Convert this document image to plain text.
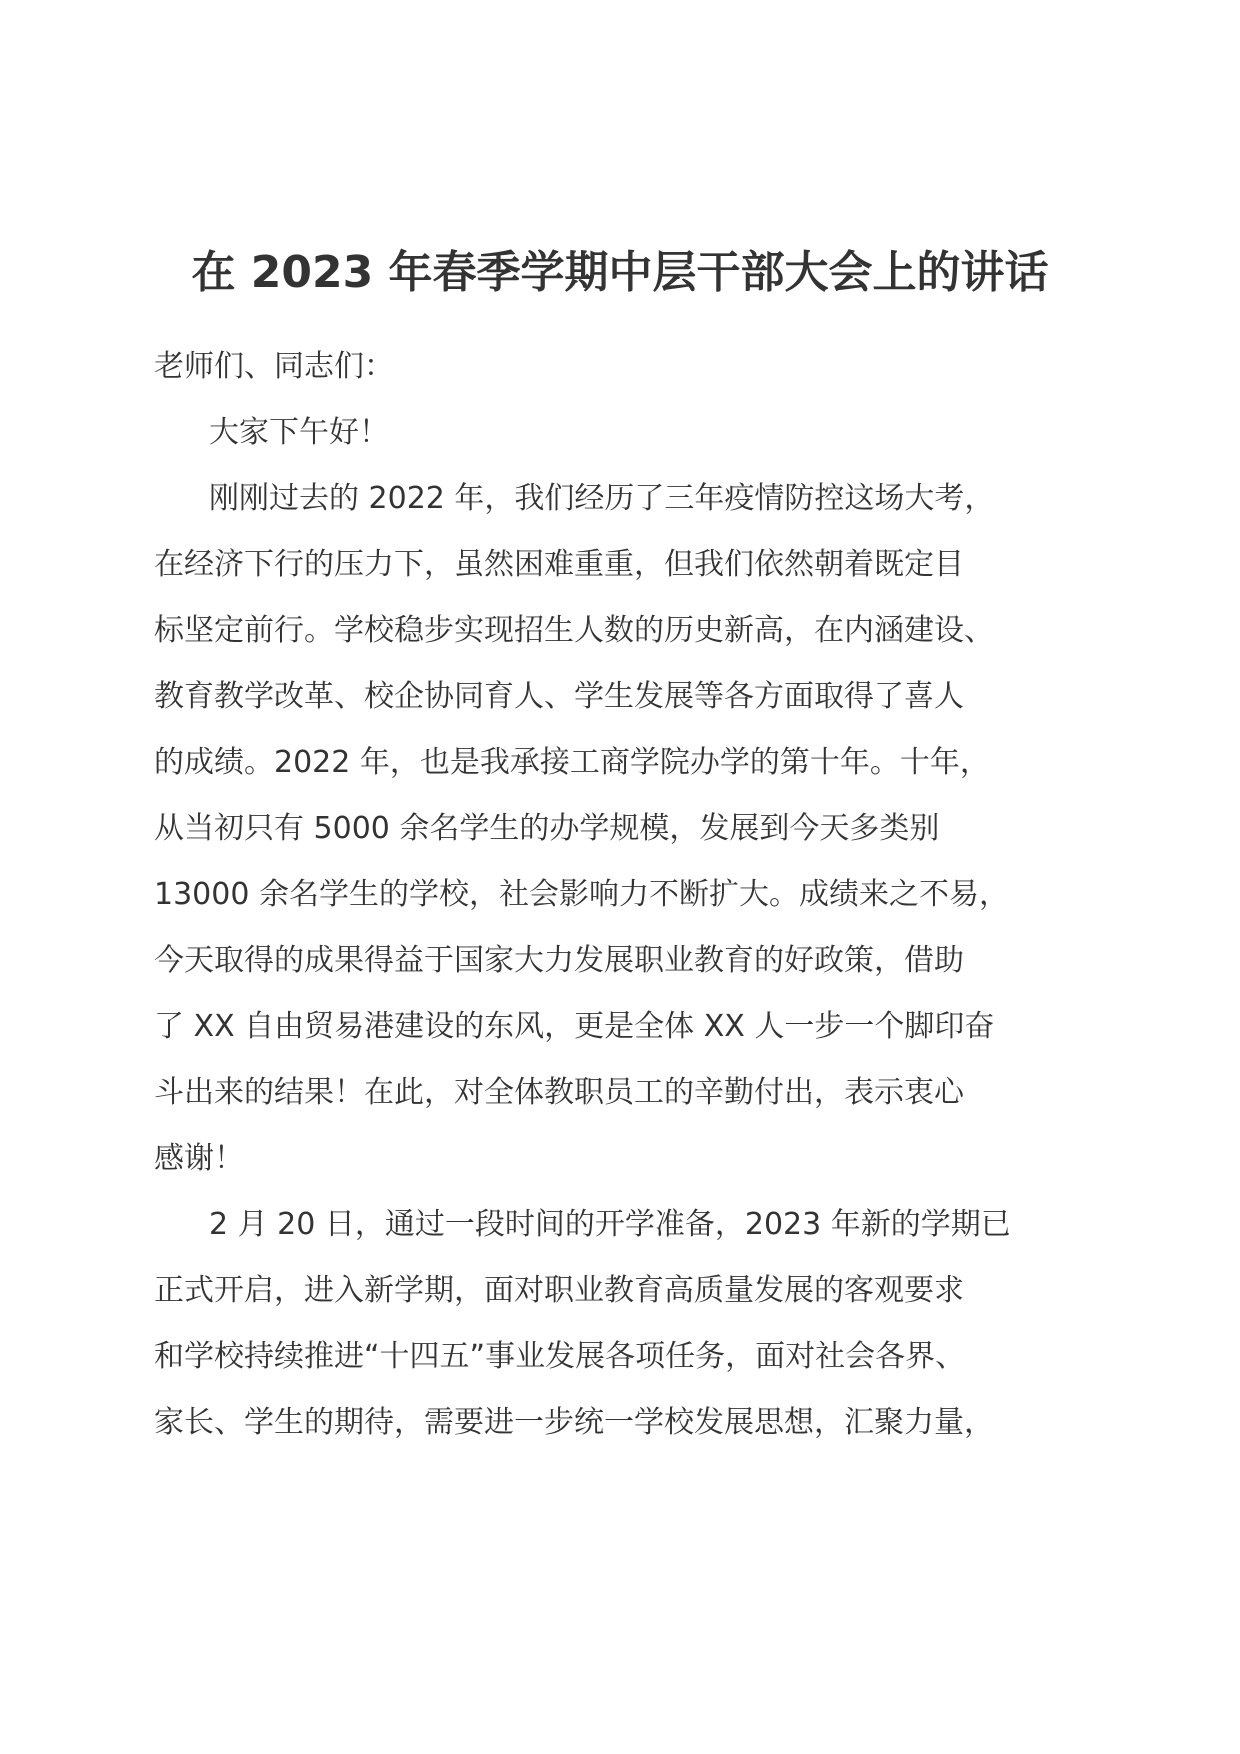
在 2023 年春季学期中层干部大会上的讲话
老师们、同志们：
大家下午好！
刚刚过去的 2022 年，我们经历了三年疫情防控这场大考，
在经济下行的压力下，虽然困难重重，但我们依然朝着既定目
标坚定前行。学校稳步实现招生人数的历史新高，在内涵建设、
教育教学改革、校企协同育人、学生发展等各方面取得了喜人
的成绩。2022 年，也是我承接工商学院办学的第十年。十年，
从当初只有 5000 余名学生的办学规模，发展到今天多类别
13000 余名学生的学校，社会影响力不断扩大。成绩来之不易，
今天取得的成果得益于国家大力发展职业教育的好政策，借助
了 XX 自由贸易港建设的东风，更是全体 XX 人一步一个脚印奋
斗出来的结果！在此，对全体教职员工的辛勤付出，表示衷心
感谢！
2 月 20 日，通过一段时间的开学准备，2023 年新的学期已
正式开启，进入新学期，面对职业教育高质量发展的客观要求
和学校持续推进“十四五”事业发展各项任务，面对社会各界、
家长、学生的期待，需要进一步统一学校发展思想，汇聚力量，
